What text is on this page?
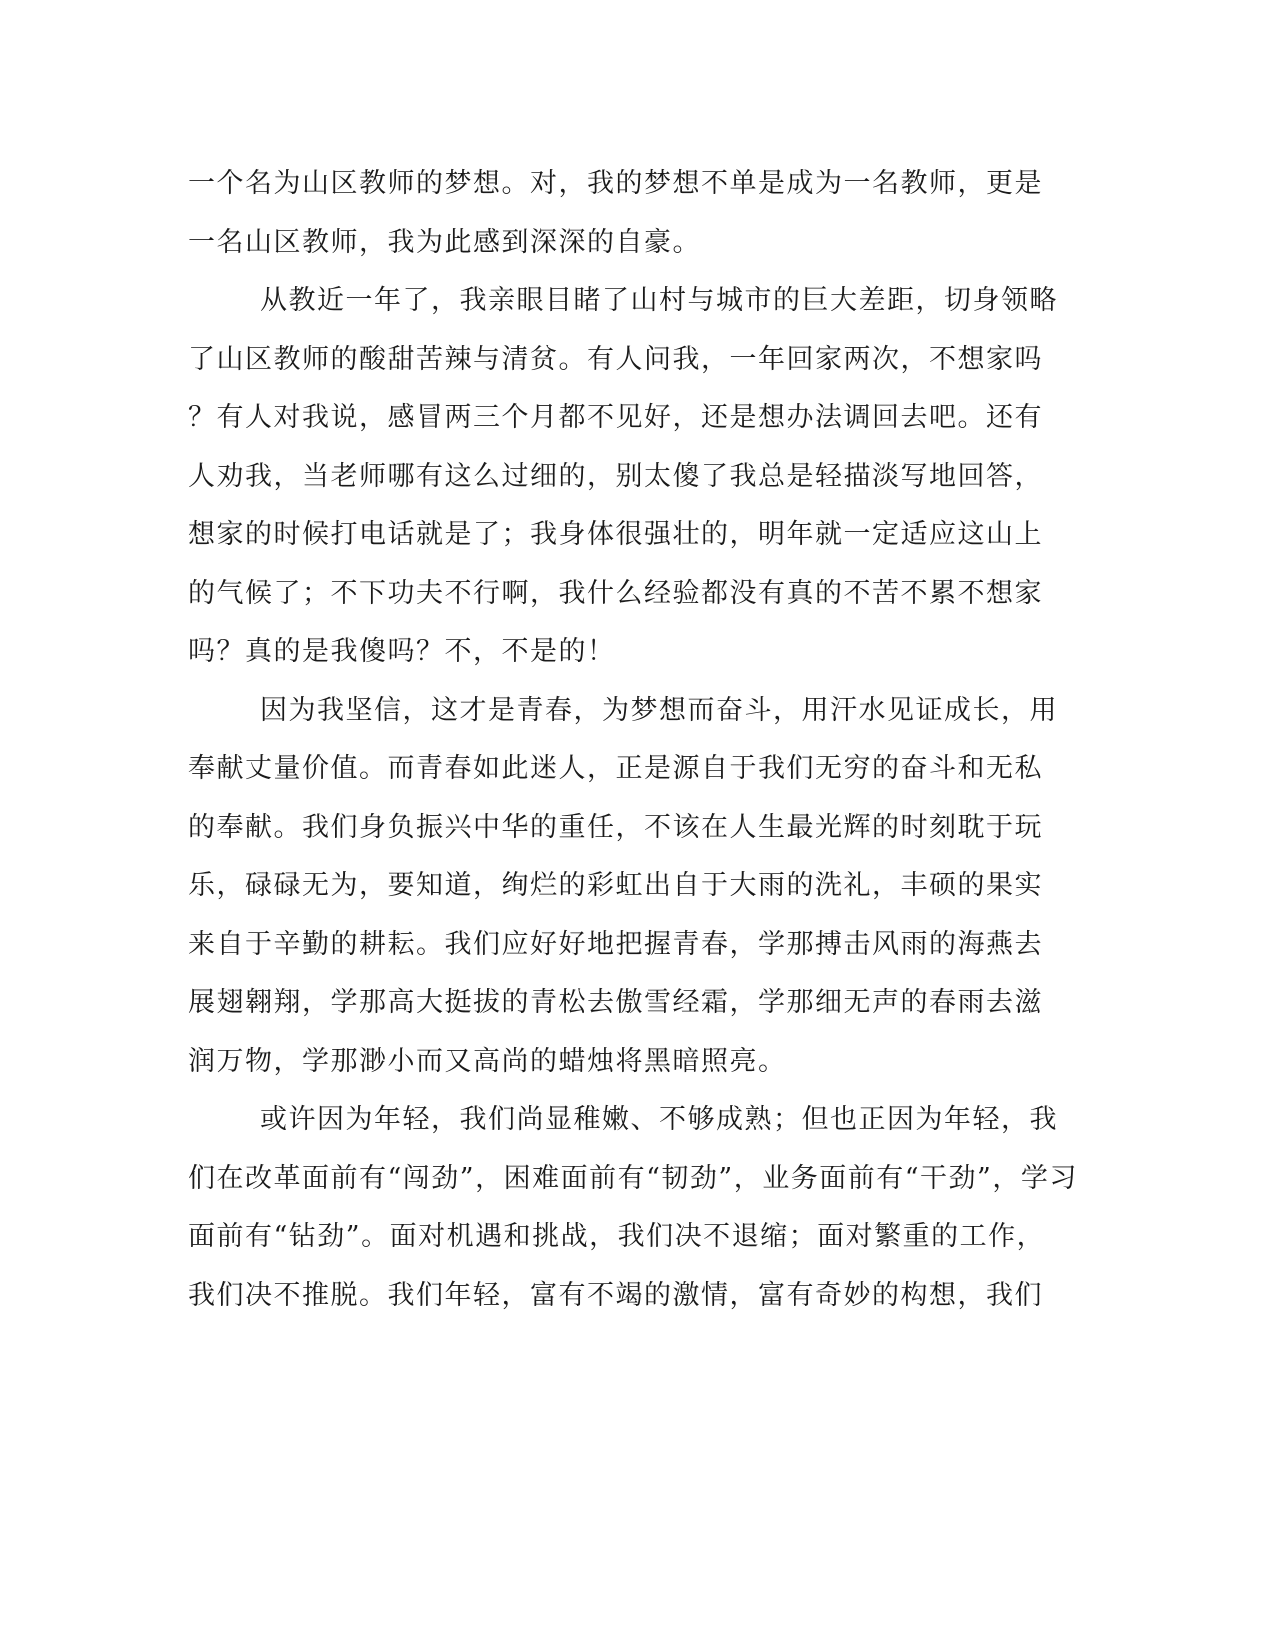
一个名为山区教师的梦想。对，我的梦想不单是成为一名教师，更是
一名山区教师，我为此感到深深的自豪。
从教近一年了，我亲眼目睹了山村与城市的巨大差距，切身领略
了山区教师的酸甜苦辣与清贫。有人问我，一年回家两次，不想家吗
？有人对我说，感冒两三个月都不见好，还是想办法调回去吧。还有
人劝我，当老师哪有这么过细的，别太傻了我总是轻描淡写地回答，
想家的时候打电话就是了；我身体很强壮的，明年就一定适应这山上
的气候了；不下功夫不行啊，我什么经验都没有真的不苦不累不想家
吗？真的是我傻吗？不，不是的！
因为我坚信，这才是青春，为梦想而奋斗，用汗水见证成长，用
奉献丈量价值。而青春如此迷人，正是源自于我们无穷的奋斗和无私
的奉献。我们身负振兴中华的重任，不该在人生最光辉的时刻耽于玩
乐，碌碌无为，要知道，绚烂的彩虹出自于大雨的洗礼，丰硕的果实
来自于辛勤的耕耘。我们应好好地把握青春，学那搏击风雨的海燕去
展翅翱翔，学那高大挺拔的青松去傲雪经霜，学那细无声的春雨去滋
润万物，学那渺小而又高尚的蜡烛将黑暗照亮。
或许因为年轻，我们尚显稚嫩、不够成熟；但也正因为年轻，我
们在改革面前有“闯劲”，困难面前有“韧劲”，业务面前有“干劲”，学习
面前有“钻劲”。面对机遇和挑战，我们决不退缩；面对繁重的工作，
我们决不推脱。我们年轻，富有不竭的激情，富有奇妙的构想，我们
